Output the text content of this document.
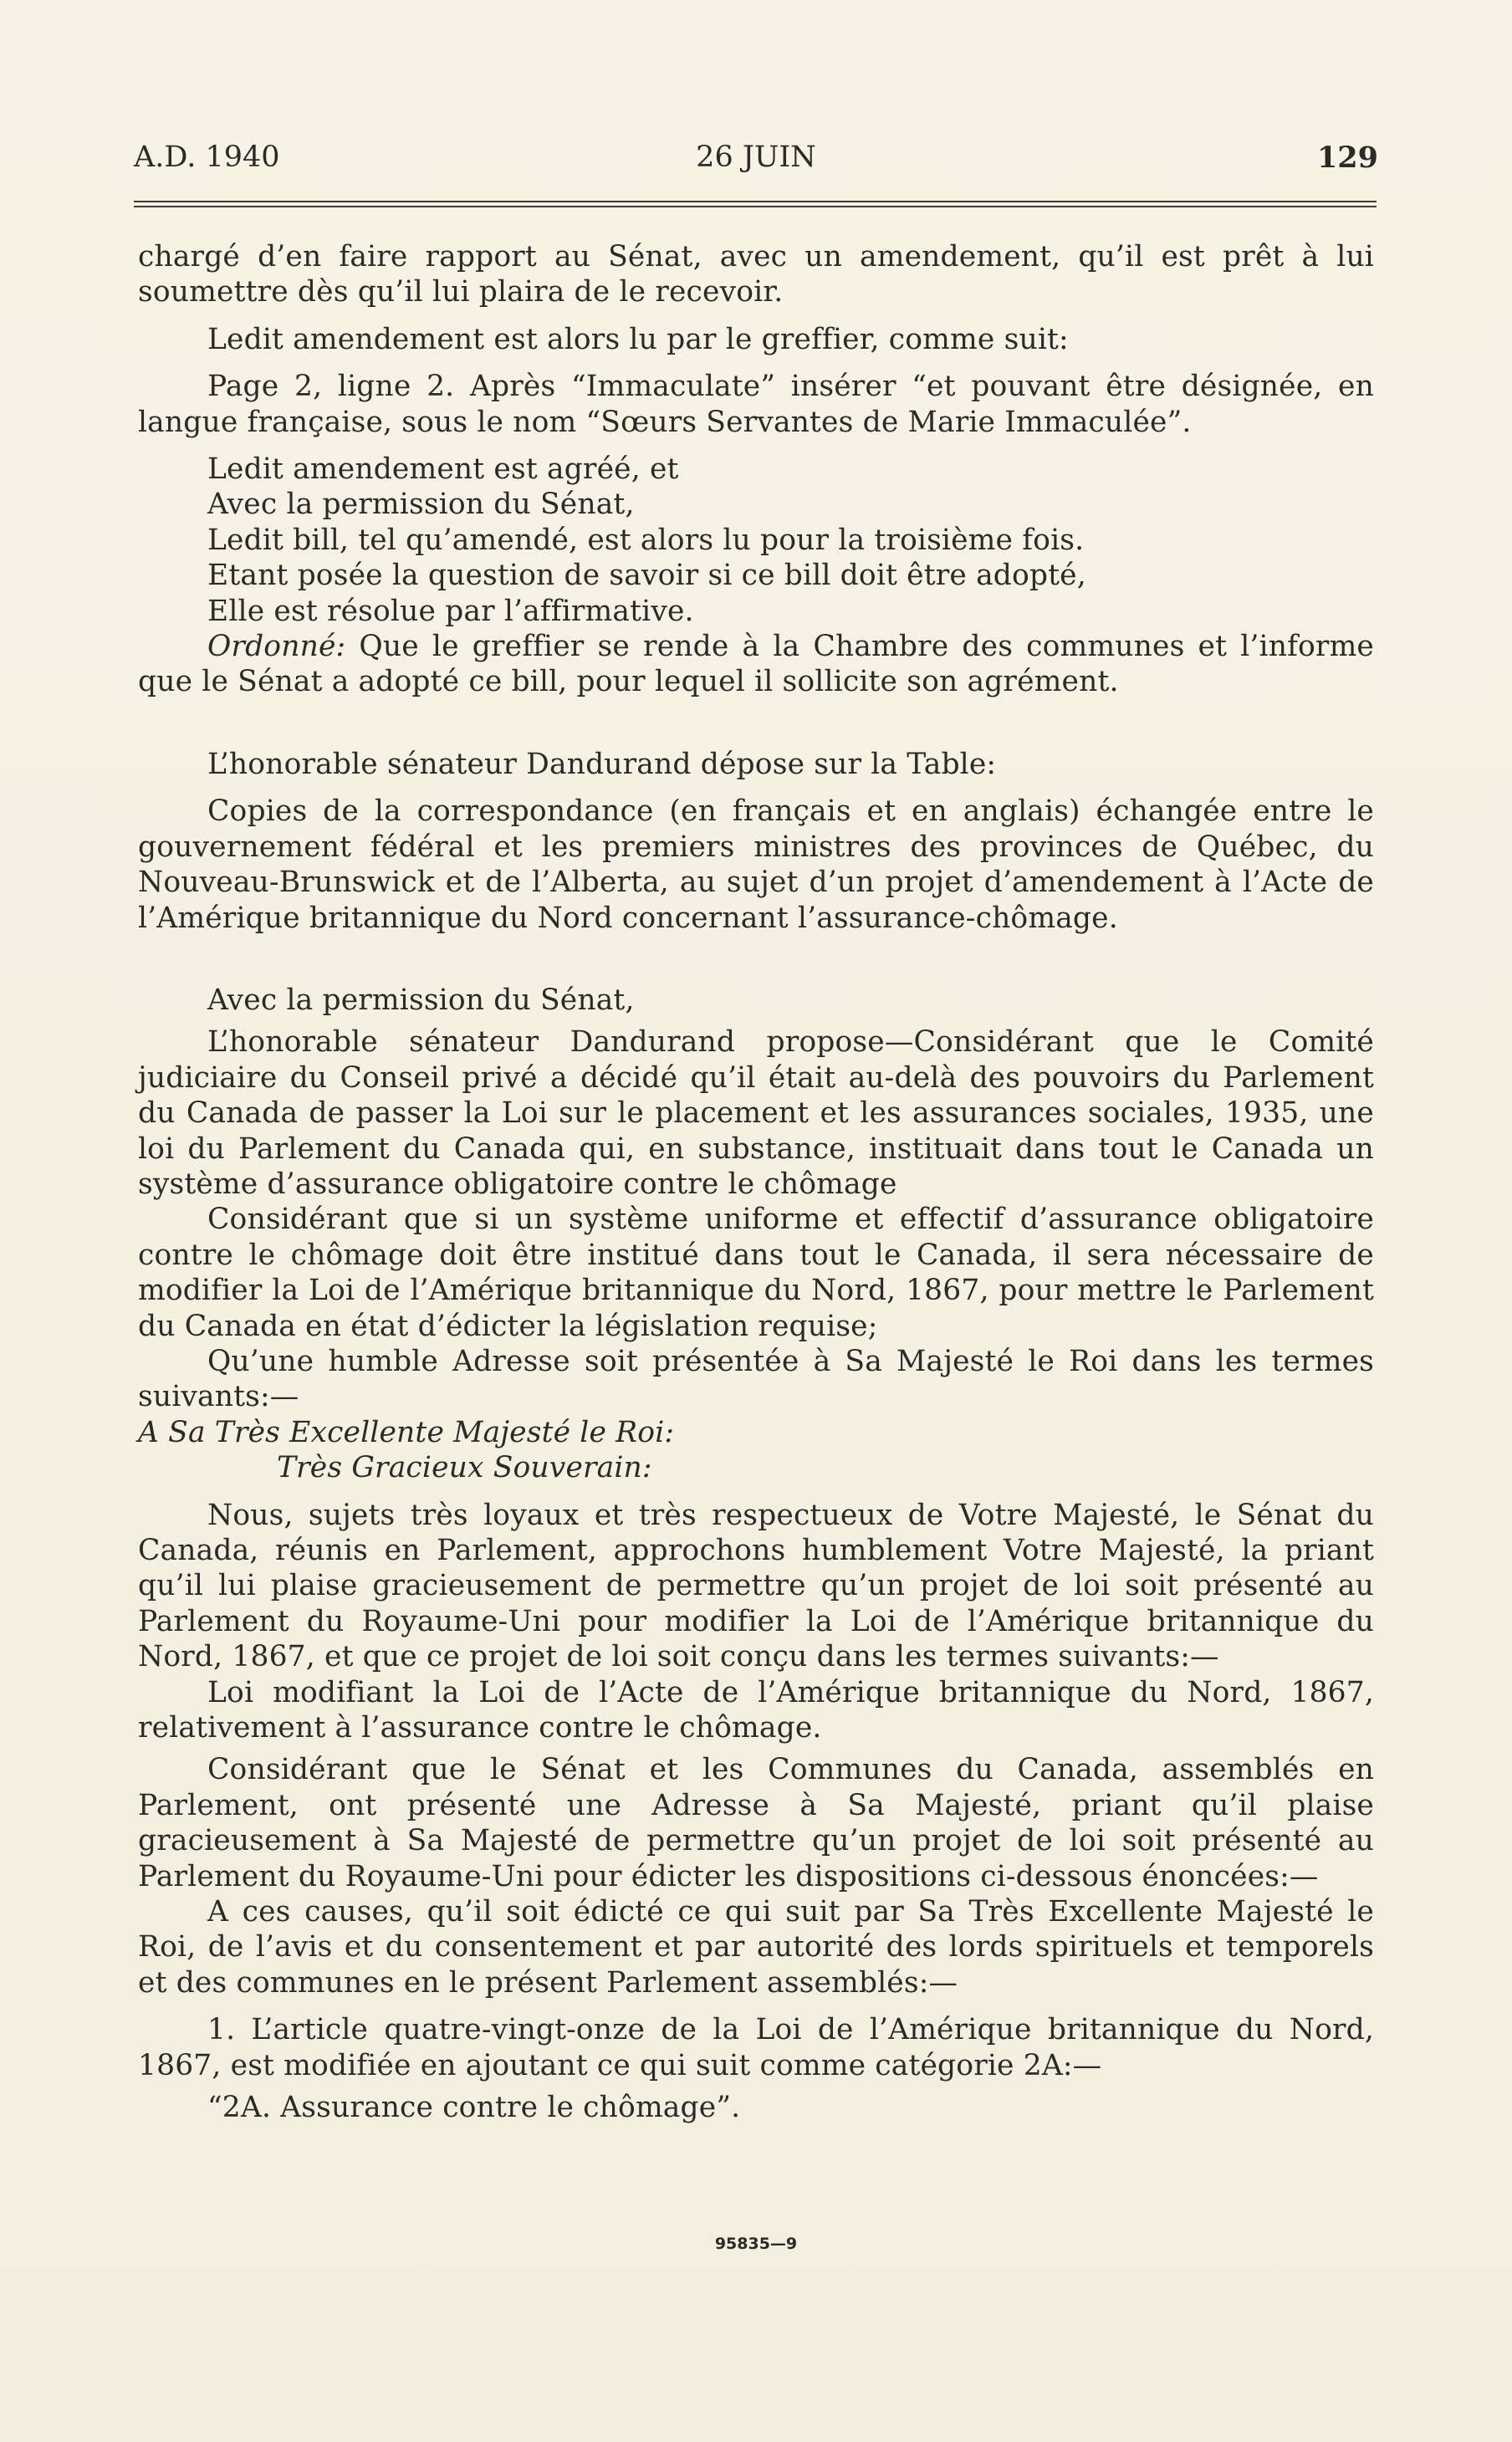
A.D. 1940	26 JUIN	129

chargé d’en faire rapport au Sénat, avec un amendement, qu’il est prêt à lui soumettre dès qu’il lui plaira de le recevoir.

Ledit amendement est alors lu par le greffier, comme suit:

Page 2, ligne 2. Après “Immaculate” insérer “et pouvant être désignée, en langue française, sous le nom “Sœurs Servantes de Marie Immaculée”.

Ledit amendement est agréé, et

Avec la permission du Sénat,

Ledit bill, tel qu’amendé, est alors lu pour la troisième fois.

Etant posée la question de savoir si ce bill doit être adopté,

Elle est résolue par l’affirmative.

Ordonné: Que le greffier se rende à la Chambre des communes et l’informe que le Sénat a adopté ce bill, pour lequel il sollicite son agrément.

L’honorable sénateur Dandurand dépose sur la Table:

Copies de la correspondance (en français et en anglais) échangée entre le gouvernement fédéral et les premiers ministres des provinces de Québec, du Nouveau-Brunswick et de l’Alberta, au sujet d’un projet d’amendement à l’Acte de l’Amérique britannique du Nord concernant l’assurance-chômage.

Avec la permission du Sénat,

L’honorable sénateur Dandurand propose—Considérant que le Comité judiciaire du Conseil privé a décidé qu’il était au-delà des pouvoirs du Parlement du Canada de passer la Loi sur le placement et les assurances sociales, 1935, une loi du Parlement du Canada qui, en substance, instituait dans tout le Canada un système d’assurance obligatoire contre le chômage

Considérant que si un système uniforme et effectif d’assurance obligatoire contre le chômage doit être institué dans tout le Canada, il sera nécessaire de modifier la Loi de l’Amérique britannique du Nord, 1867, pour mettre le Parlement du Canada en état d’édicter la législation requise;

Qu’une humble Adresse soit présentée à Sa Majesté le Roi dans les termes suivants:—

A Sa Très Excellente Majesté le Roi:

Très Gracieux Souverain:

Nous, sujets très loyaux et très respectueux de Votre Majesté, le Sénat du Canada, réunis en Parlement, approchons humblement Votre Majesté, la priant qu’il lui plaise gracieusement de permettre qu’un projet de loi soit présenté au Parlement du Royaume-Uni pour modifier la Loi de l’Amérique britannique du Nord, 1867, et que ce projet de loi soit conçu dans les termes suivants:—

Loi modifiant la Loi de l’Acte de l’Amérique britannique du Nord, 1867, relativement à l’assurance contre le chômage.

Considérant que le Sénat et les Communes du Canada, assemblés en Parlement, ont présenté une Adresse à Sa Majesté, priant qu’il plaise gracieusement à Sa Majesté de permettre qu’un projet de loi soit présenté au Parlement du Royaume-Uni pour édicter les dispositions ci-dessous énoncées:—

A ces causes, qu’il soit édicté ce qui suit par Sa Très Excellente Majesté le Roi, de l’avis et du consentement et par autorité des lords spirituels et temporels et des communes en le présent Parlement assemblés:—

1. L’article quatre-vingt-onze de la Loi de l’Amérique britannique du Nord, 1867, est modifiée en ajoutant ce qui suit comme catégorie 2A:—

“2A. Assurance contre le chômage”.

95835—9
